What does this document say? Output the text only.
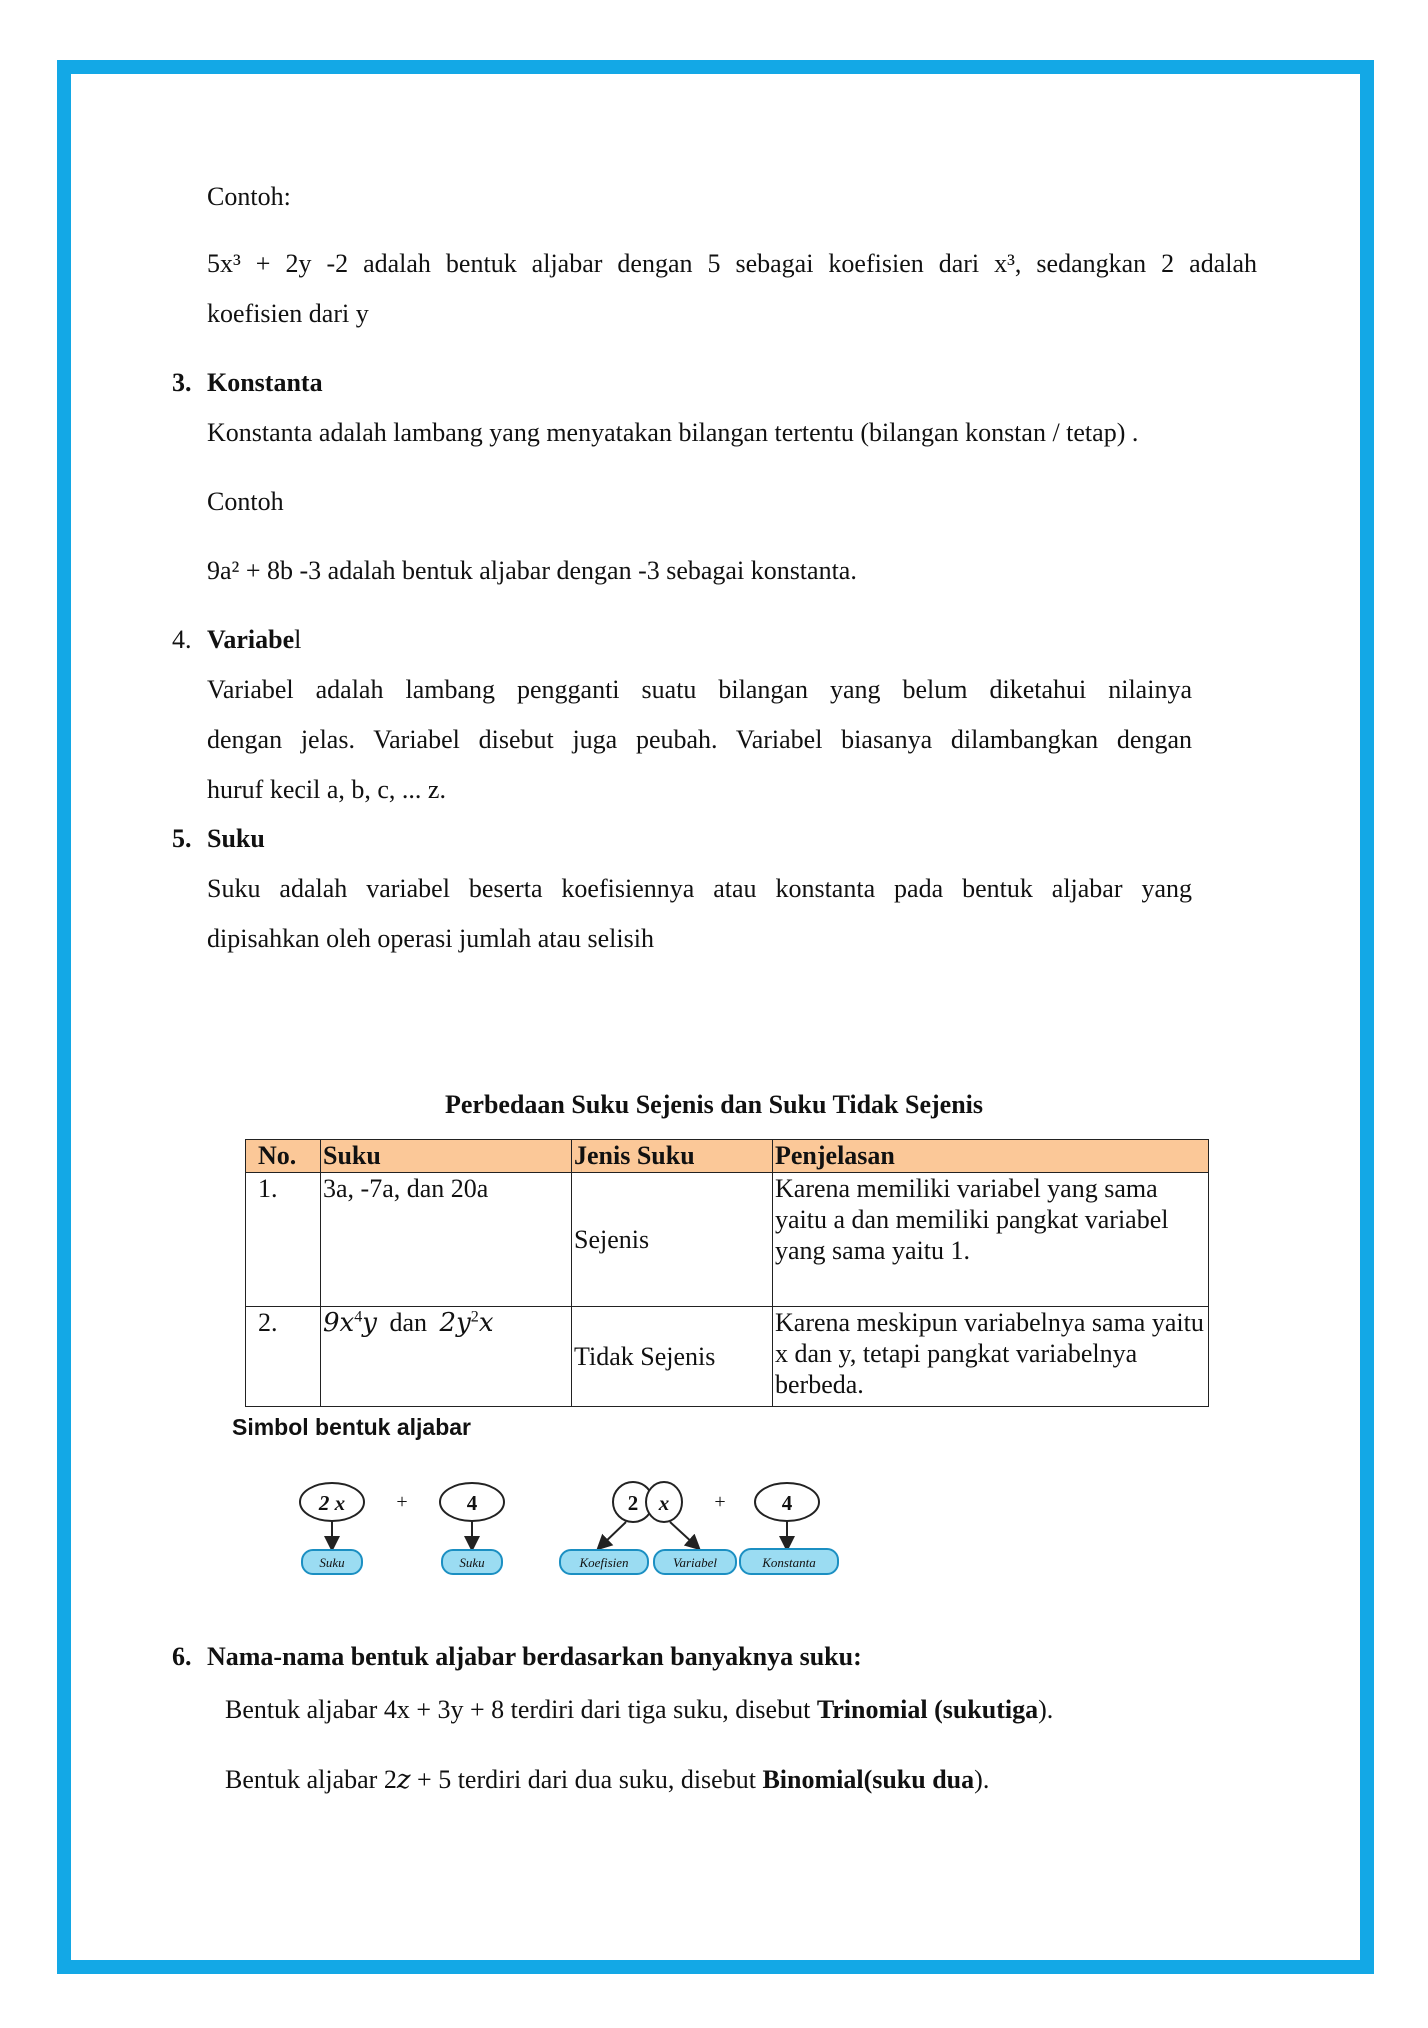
Contoh:
5x³ + 2y -2 adalah bentuk aljabar dengan 5 sebagai koefisien dari x³, sedangkan 2 adalah
koefisien dari y
3. Konstanta
Konstanta adalah lambang yang menyatakan bilangan tertentu (bilangan konstan / tetap) .
Contoh
9a² + 8b -3 adalah bentuk aljabar dengan -3 sebagai konstanta.
4. Variabel
Variabel adalah lambang pengganti suatu bilangan yang belum diketahui nilainya
dengan jelas. Variabel disebut juga peubah. Variabel biasanya dilambangkan dengan
huruf kecil a, b, c, ... z.
5. Suku
Suku adalah variabel beserta koefisiennya atau konstanta pada bentuk aljabar yang
dipisahkan oleh operasi jumlah atau selisih
Perbedaan Suku Sejenis dan Suku Tidak Sejenis
No.	Suku	Jenis Suku	Penjelasan
1.	3a, -7a, dan 20a	Sejenis	Karena memiliki variabel yang sama yaitu a dan memiliki pangkat variabel yang sama yaitu 1.
2.	$9x^4y$ dan $2y^2x$	Tidak Sejenis	Karena meskipun variabelnya sama yaitu x dan y, tetapi pangkat variabelnya berbeda.
Simbol bentuk aljabar
2 x	+	4
Suku	Suku
2 x +	4
Koefisien	Variabel	Konstanta
6. Nama-nama bentuk aljabar berdasarkan banyaknya suku:
Bentuk aljabar 4x + 3y + 8 terdiri dari tiga suku, disebut Trinomial (sukutiga).
Bentuk aljabar 2z + 5 terdiri dari dua suku, disebut Binomial(suku dua).
